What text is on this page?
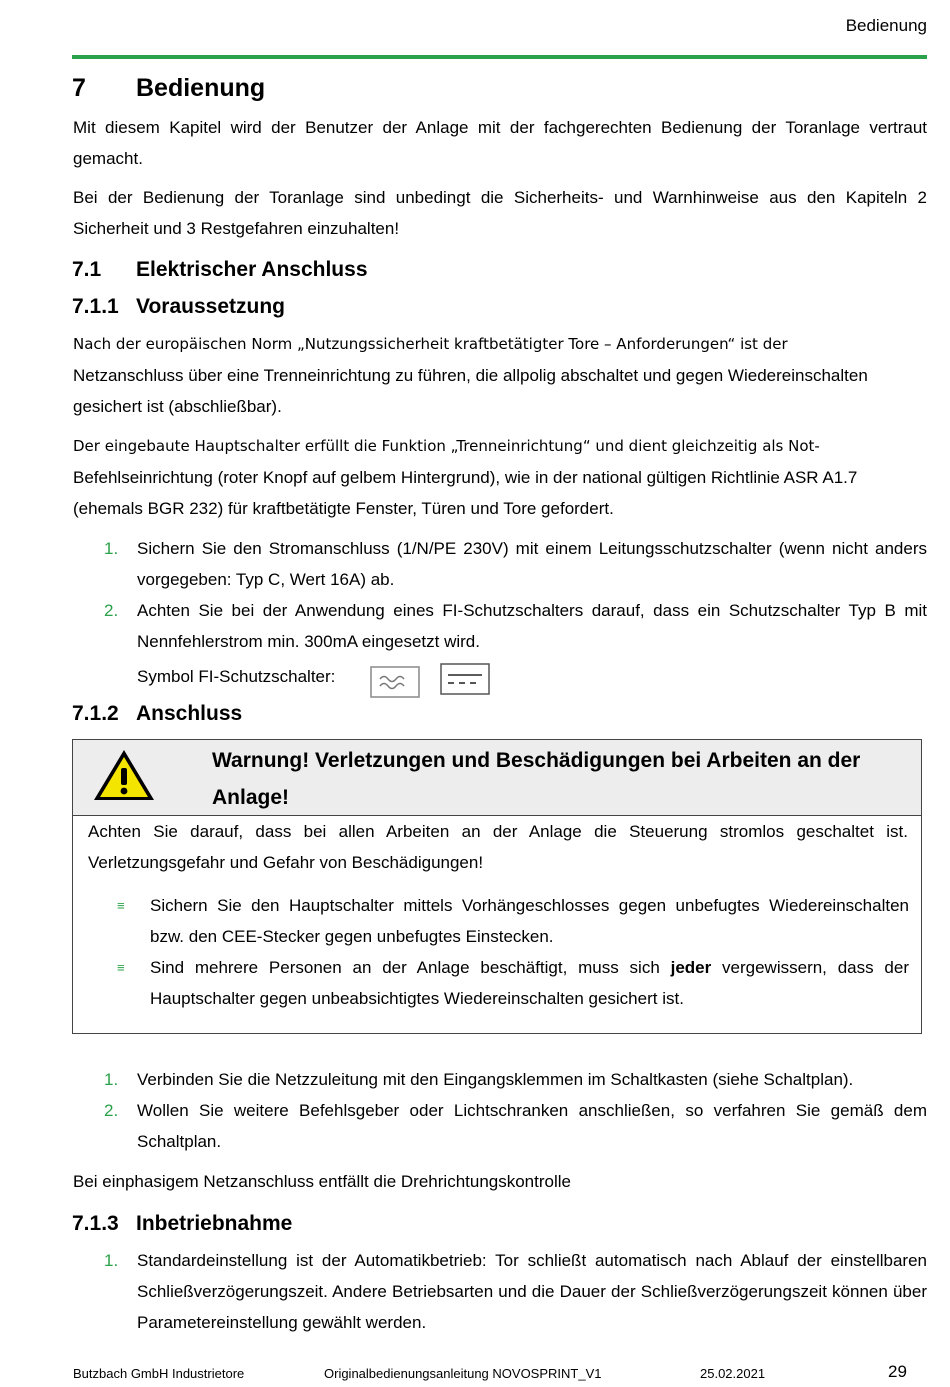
Bedienung
7 Bedienung
Mit diesem Kapitel wird der Benutzer der Anlage mit der fachgerechten Bedienung der Toranlage vertraut gemacht.
Bei der Bedienung der Toranlage sind unbedingt die Sicherheits- und Warnhinweise aus den Kapiteln 2 Sicherheit und 3 Restgefahren einzuhalten!
7.1 Elektrischer Anschluss
7.1.1 Voraussetzung
Nach der europäischen Norm „Nutzungssicherheit kraftbetätigter Tore – Anforderungen“ ist der
Netzanschluss über eine Trenneinrichtung zu führen, die allpolig abschaltet und gegen Wiedereinschalten gesichert ist (abschließbar).
Der eingebaute Hauptschalter erfüllt die Funktion „Trenneinrichtung“ und dient gleichzeitig als Not-
Befehlseinrichtung (roter Knopf auf gelbem Hintergrund), wie in der national gültigen Richtlinie ASR A1.7 (ehemals BGR 232) für kraftbetätigte Fenster, Türen und Tore gefordert.
1. Sichern Sie den Stromanschluss (1/N/PE 230V) mit einem Leitungsschutzschalter (wenn nicht anders vorgegeben: Typ C, Wert 16A) ab.
2. Achten Sie bei der Anwendung eines FI-Schutzschalters darauf, dass ein Schutzschalter Typ B mit Nennfehlerstrom min. 300mA eingesetzt wird.
Symbol FI-Schutzschalter:
7.1.2 Anschluss
Warnung! Verletzungen und Beschädigungen bei Arbeiten an der Anlage!
Achten Sie darauf, dass bei allen Arbeiten an der Anlage die Steuerung stromlos geschaltet ist. Verletzungsgefahr und Gefahr von Beschädigungen!
≡ Sichern Sie den Hauptschalter mittels Vorhängeschlosses gegen unbefugtes Wiedereinschalten bzw. den CEE-Stecker gegen unbefugtes Einstecken.
≡ Sind mehrere Personen an der Anlage beschäftigt, muss sich jeder vergewissern, dass der Hauptschalter gegen unbeabsichtigtes Wiedereinschalten gesichert ist.
1. Verbinden Sie die Netzzuleitung mit den Eingangsklemmen im Schaltkasten (siehe Schaltplan).
2. Wollen Sie weitere Befehlsgeber oder Lichtschranken anschließen, so verfahren Sie gemäß dem Schaltplan.
Bei einphasigem Netzanschluss entfällt die Drehrichtungskontrolle
7.1.3 Inbetriebnahme
1. Standardeinstellung ist der Automatikbetrieb: Tor schließt automatisch nach Ablauf der einstellbaren Schließverzögerungszeit. Andere Betriebsarten und die Dauer der Schließverzögerungszeit können über Parametereinstellung gewählt werden.
Butzbach GmbH Industrietore	Originalbedienungsanleitung NOVOSPRINT_V1	25.02.2021	29
